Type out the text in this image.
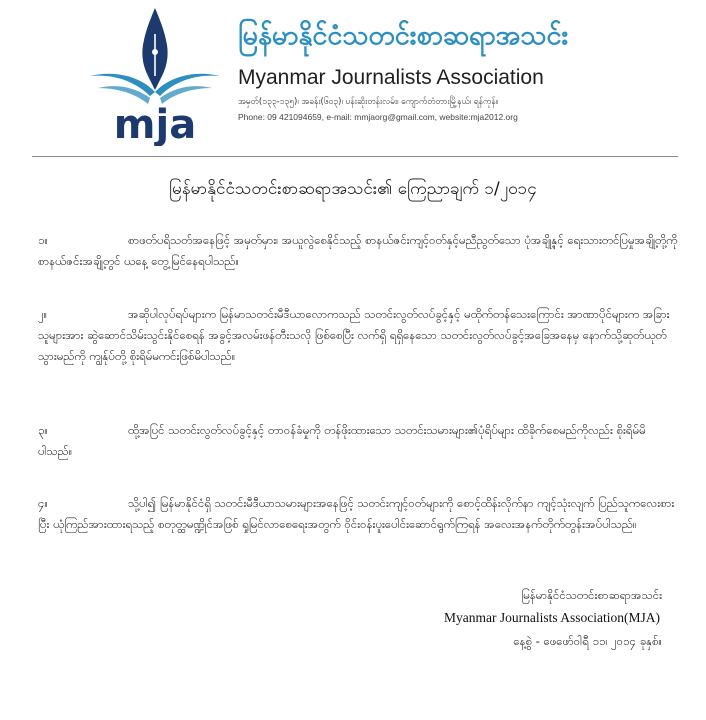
mja
မြန်မာနိုင်ငံသတင်းစာဆရာအသင်း
Myanmar Journalists Association
အမှတ်(၁၃၃-၁၃၅)၊ အခန်း(၆၀၃)၊ ပန်းဆိုးတန်းလမ်း၊ ကျောက်တံတားမြို့နယ်၊ ရန်ကုန်။
Phone: 09 421094659, e-mail: mmjaorg@gmail.com, website:mja2012.org
မြန်မာနိုင်ငံသတင်းစာဆရာအသင်း၏ ကြေညာချက် ၁/၂၀၁၄
၁။	စာဖတ်ပရိသတ်အနေဖြင့် အမှတ်မှား၊ အယူလွဲစေနိုင်သည့် စာနယ်ဇင်းကျင့်ဝတ်နှင့်မညီညွတ်သော ပုံအချို့နှင့် ရေးသားတင်ပြမှုအချို့တို့ကို စာနယ်ဇင်းအချို့တွင် ယနေ့ တွေ့မြင်နေရပါသည်။
၂။	အဆိုပါလုပ်ရပ်များက မြန်မာသတင်းမီဒီယာလောကသည် သတင်းလွတ်လပ်ခွင့်နှင့် မထိုက်တန်သေးကြောင်း အာဏာပိုင်များက အခြားသူများအား ဆွဲဆောင်သိမ်းသွင်းနိုင်စေရန် အခွင့်အလမ်းဖန်တီးသလို ဖြစ်စေပြီး လက်ရှိ ရရှိနေသော သတင်းလွတ်လပ်ခွင့်အခြေအနေမှ နောက်သို့ဆုတ်ယုတ်သွားမည်ကို ကျွန်ုပ်တို့ စိုးရိမ်မကင်းဖြစ်မိပါသည်။
၃။	ထို့အပြင် သတင်းလွတ်လပ်ခွင့်နှင့် တာဝန်ခံမှုကို တန်ဖိုးထားသော သတင်းသမားများ၏ပုံရိပ်များ ထိခိုက်စေမည်ကိုလည်း စိုးရိမ်မိပါသည်။
၄။	သို့ပါ၍ မြန်မာနိုင်ငံရှိ သတင်းမီဒီယာသမားများအနေဖြင့် သတင်းကျင့်ဝတ်များကို စောင့်ထိန်းလိုက်နာ ကျင့်သုံးလျက် ပြည်သူကလေးစားပြီး ယုံကြည်အားထားရသည့် စတုတ္ထမဏ္ဍိုင်အဖြစ် ရှုမြင်လာစေရေးအတွက် ဝိုင်းဝန်းပူးပေါင်းဆောင်ရွက်ကြရန် အလေးအနက်တိုက်တွန်းအပ်ပါသည်။
မြန်မာနိုင်ငံသတင်းစာဆရာအသင်း
Myanmar Journalists Association(MJA)
နေ့စွဲ - ဖေဖော်ဝါရီ ၁၁၊ ၂၀၁၄ ခုနှစ်။
